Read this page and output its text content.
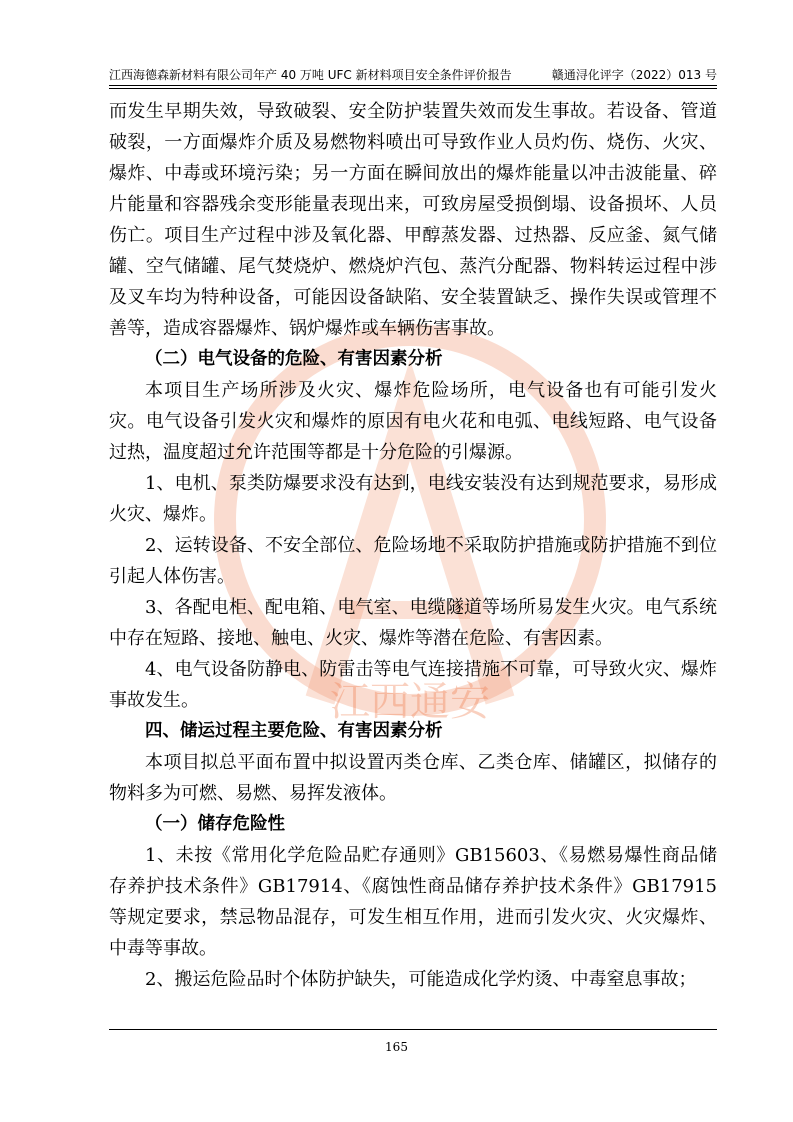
江西海德森新材料有限公司年产 40 万吨 UFC 新材料项目安全条件评价报告	赣通浔化评字（2022）013 号
江西通安

而发生早期失效，导致破裂、安全防护装置失效而发生事故。若设备、管道破裂，一方面爆炸介质及易燃物料喷出可导致作业人员灼伤、烧伤、火灾、爆炸、中毒或环境污染；另一方面在瞬间放出的爆炸能量以冲击波能量、碎片能量和容器残余变形能量表现出来，可致房屋受损倒塌、设备损坏、人员伤亡。项目生产过程中涉及氧化器、甲醇蒸发器、过热器、反应釜、氮气储罐、空气储罐、尾气焚烧炉、燃烧炉汽包、蒸汽分配器、物料转运过程中涉及叉车均为特种设备，可能因设备缺陷、安全装置缺乏、操作失误或管理不善等，造成容器爆炸、锅炉爆炸或车辆伤害事故。

（二）电气设备的危险、有害因素分析

本项目生产场所涉及火灾、爆炸危险场所，电气设备也有可能引发火灾。电气设备引发火灾和爆炸的原因有电火花和电弧、电线短路、电气设备过热，温度超过允许范围等都是十分危险的引爆源。

1、电机、泵类防爆要求没有达到，电线安装没有达到规范要求，易形成火灾、爆炸。

2、运转设备、不安全部位、危险场地不采取防护措施或防护措施不到位引起人体伤害。

3、各配电柜、配电箱、电气室、电缆隧道等场所易发生火灾。电气系统中存在短路、接地、触电、火灾、爆炸等潜在危险、有害因素。

4、电气设备防静电、防雷击等电气连接措施不可靠，可导致火灾、爆炸事故发生。

四、储运过程主要危险、有害因素分析

本项目拟总平面布置中拟设置丙类仓库、乙类仓库、储罐区，拟储存的物料多为可燃、易燃、易挥发液体。

（一）储存危险性

1、未按《常用化学危险品贮存通则》GB15603、《易燃易爆性商品储存养护技术条件》GB17914、《腐蚀性商品储存养护技术条件》GB17915 等规定要求，禁忌物品混存，可发生相互作用，进而引发火灾、火灾爆炸、中毒等事故。

2、搬运危险品时个体防护缺失，可能造成化学灼烫、中毒窒息事故；

165
